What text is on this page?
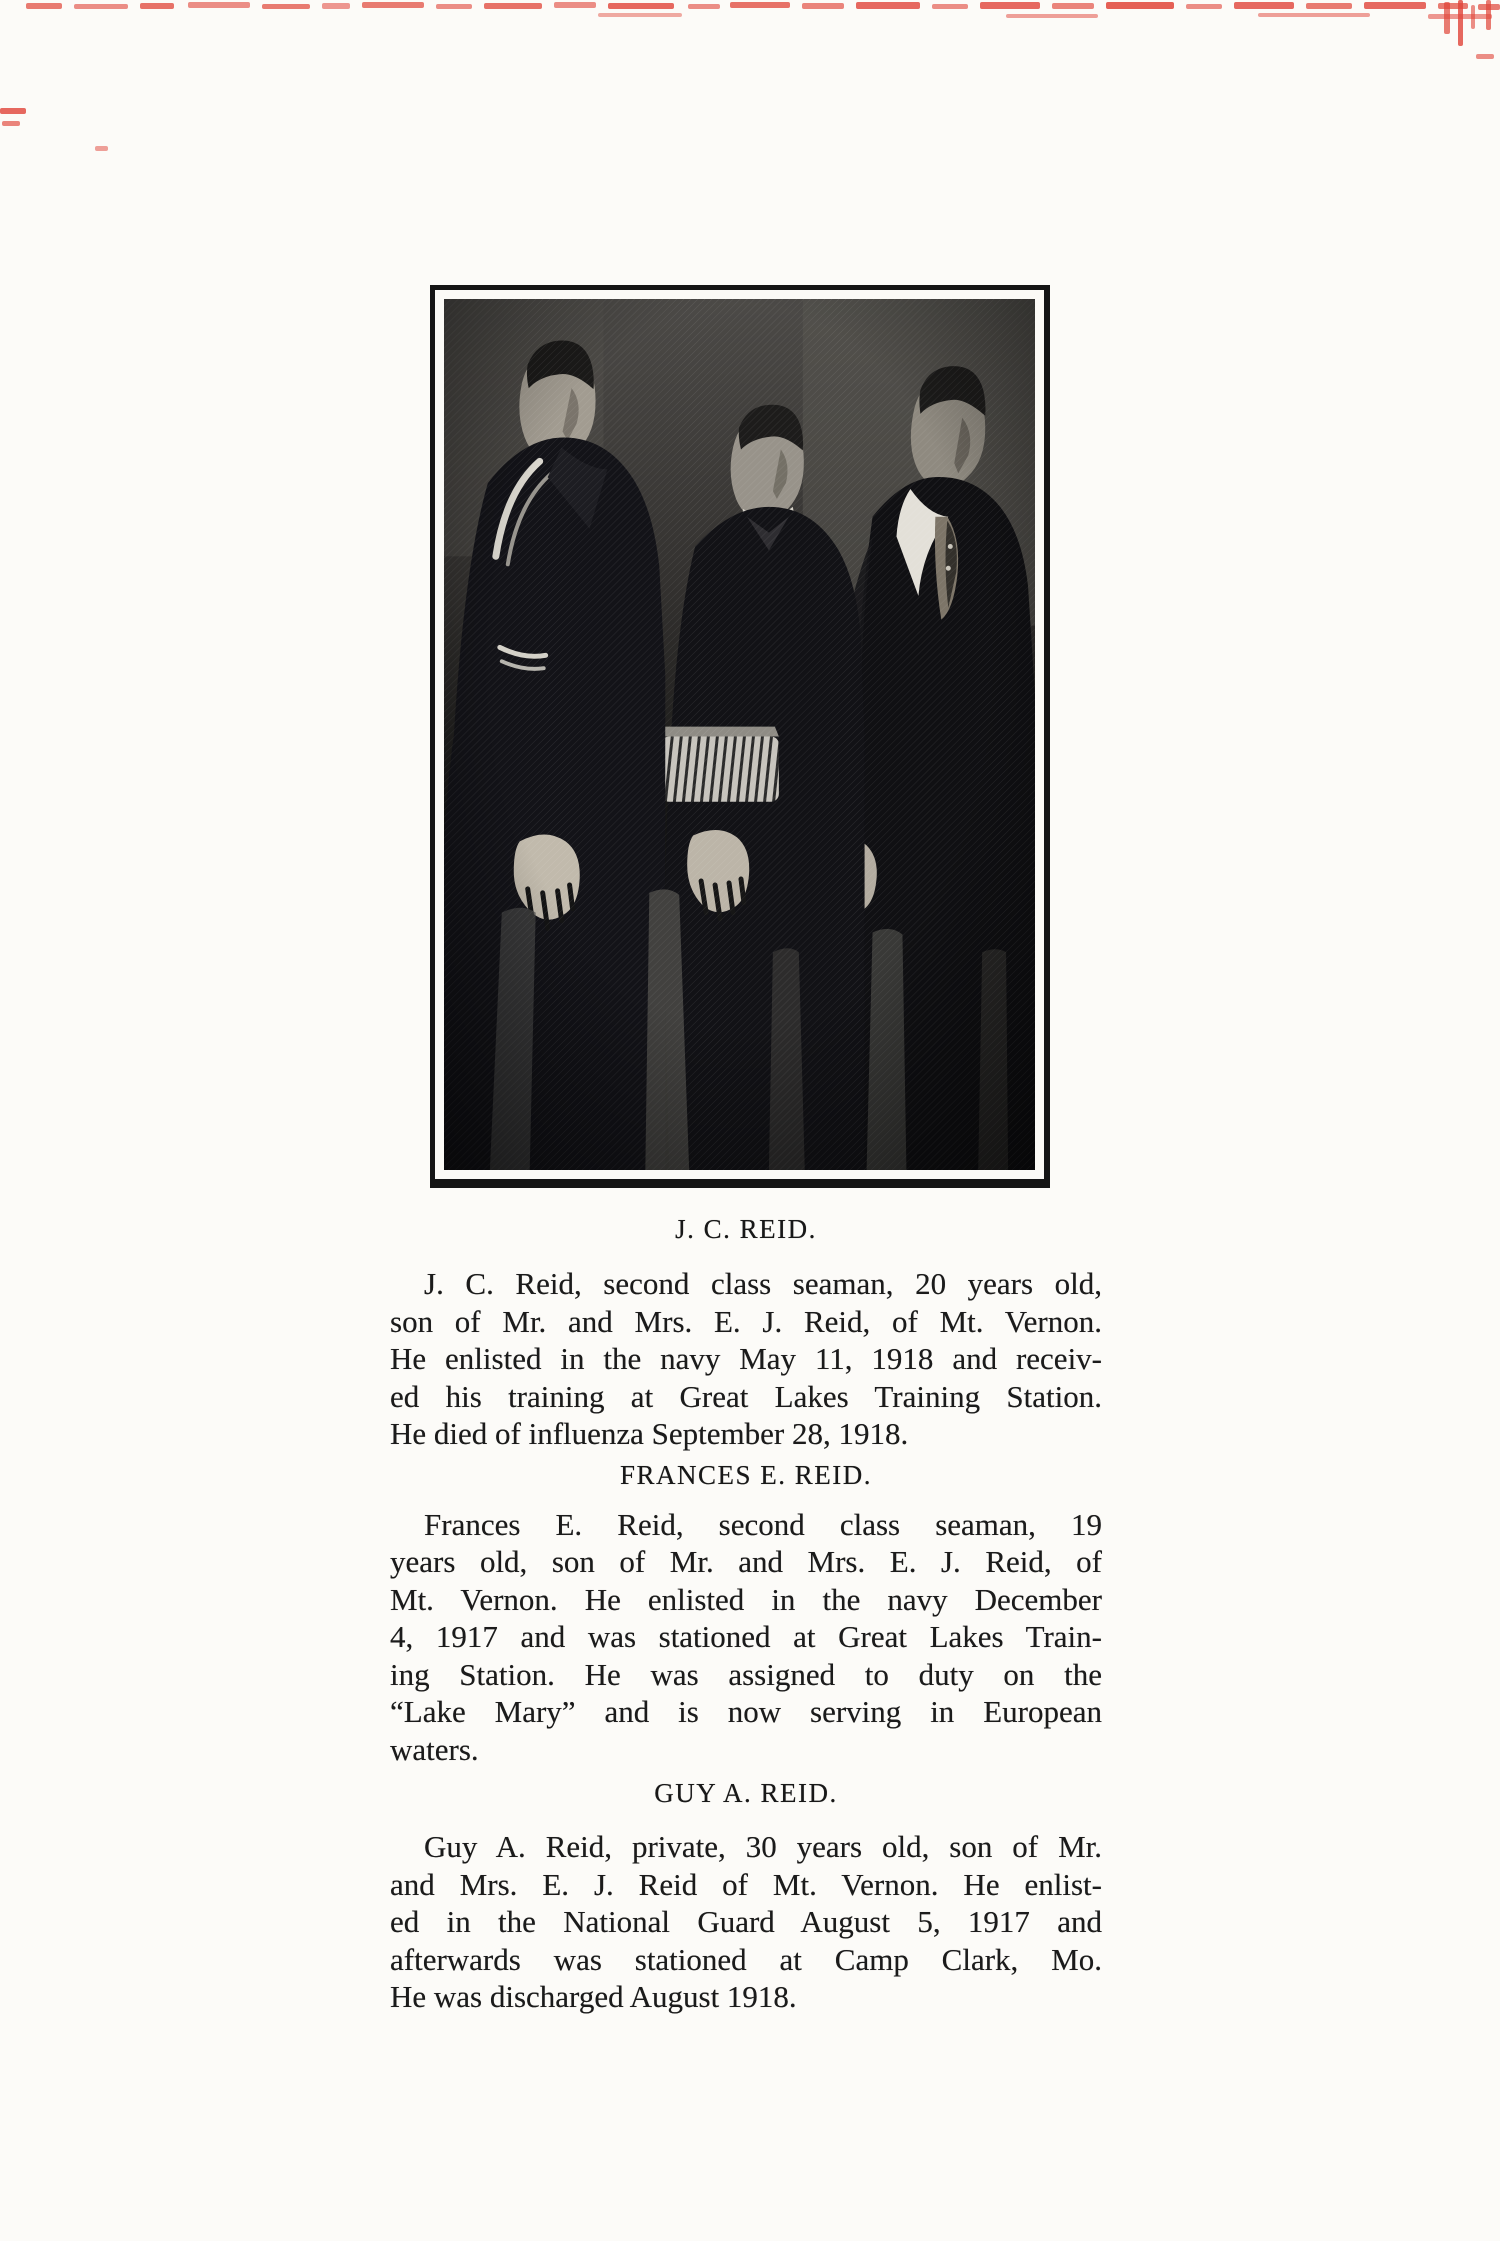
J. C. REID.
J. C. Reid, second class seaman, 20 years old,
son of Mr. and Mrs. E. J. Reid, of Mt. Vernon.
He enlisted in the navy May 11, 1918 and receiv-
ed his training at Great Lakes Training Station.
He died of influenza September 28, 1918.
FRANCES E. REID.
Frances E. Reid, second class seaman, 19
years old, son of Mr. and Mrs. E. J. Reid, of
Mt. Vernon. He enlisted in the navy December
4, 1917 and was stationed at Great Lakes Train-
ing Station. He was assigned to duty on the
“Lake Mary” and is now serving in European
waters.
GUY A. REID.
Guy A. Reid, private, 30 years old, son of Mr.
and Mrs. E. J. Reid of Mt. Vernon. He enlist-
ed in the National Guard August 5, 1917 and
afterwards was stationed at Camp Clark, Mo.
He was discharged August 1918.
